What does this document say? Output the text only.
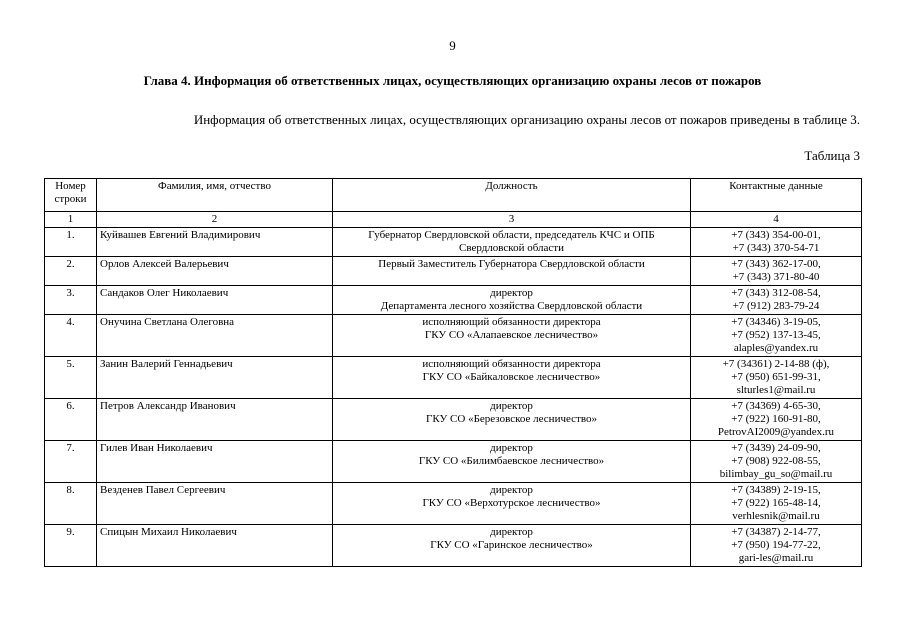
9
Глава 4. Информация об ответственных лицах, осуществляющих организацию охраны лесов от пожаров
Информация об ответственных лицах, осуществляющих организацию охраны лесов от пожаров приведены в таблице 3.
Таблица 3
Номер
строки	Фамилия, имя, отчество	Должность	Контактные данные
1	2	3	4
1.	Куйвашев Евгений Владимирович	Губернатор Свердловской области, председатель КЧС и ОПБ
Свердловской области	+7 (343) 354-00-01,
+7 (343) 370-54-71

2.	Орлов Алексей Валерьевич	Первый Заместитель Губернатора Свердловской области	+7 (343) 362-17-00,
+7 (343) 371-80-40

3.	Сандаков Олег Николаевич	директор
Департамента лесного хозяйства Свердловской области	+7 (343) 312-08-54,
+7 (912) 283-79-24

4.	Онучина Светлана Олеговна	исполняющий обязанности директора
ГКУ СО «Алапаевское лесничество»	+7 (34346) 3-19-05,
+7 (952) 137-13-45,
alaples@yandex.ru

5.	Занин Валерий Геннадьевич	исполняющий обязанности директора
ГКУ СО «Байкаловское лесничество»	+7 (34361) 2-14-88 (ф),
+7 (950) 651-99-31,
slturles1@mail.ru

6.	Петров Александр Иванович	директор
ГКУ СО «Березовское лесничество»	+7 (34369) 4-65-30,
+7 (922) 160-91-80,
PetrovAI2009@yandex.ru

7.	Гилев Иван Николаевич	директор
ГКУ СО «Билимбаевское лесничество»	+7 (3439) 24-09-90,
+7 (908) 922-08-55,
bilimbay_gu_so@mail.ru

8.	Везденев Павел Сергеевич	директор
ГКУ СО «Верхотурское лесничество»	+7 (34389) 2-19-15,
+7 (922) 165-48-14,
verhlesnik@mail.ru

9.	Спицын Михаил Николаевич	директор
ГКУ СО «Гаринское лесничество»	+7 (34387) 2-14-77,
+7 (950) 194-77-22,
gari-les@mail.ru
